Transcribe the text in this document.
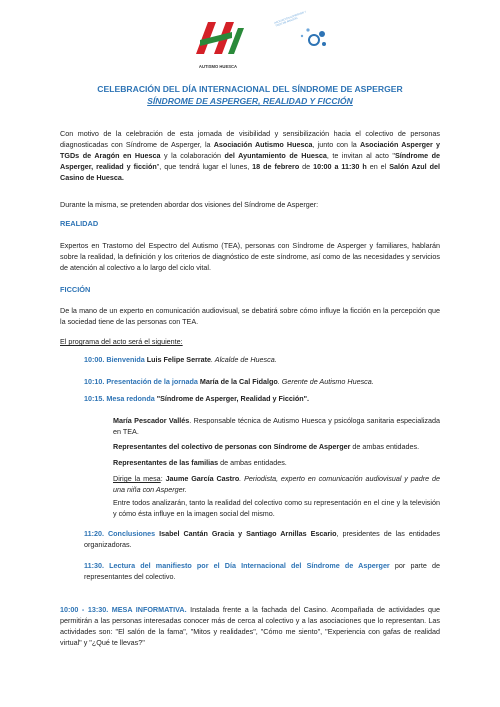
AUTISMO HUESCA
ASOCIACIÓN ASPERGER Y TGDS DE ARAGÓN
CELEBRACIÓN DEL DÍA INTERNACIONAL DEL SÍNDROME DE ASPERGER
SÍNDROME DE ASPERGER, REALIDAD Y FICCIÓN
Con motivo de la celebración de esta jornada de visibilidad y sensibilización hacia el colectivo de personas diagnosticadas con Síndrome de Asperger, la Asociación Autismo Huesca, junto con la Asociación Asperger y TGDs de Aragón en Huesca y la colaboración del Ayuntamiento de Huesca, te invitan al acto "Síndrome de Asperger, realidad y ficción", que tendrá lugar el lunes, 18 de febrero de 10:00 a 11:30 h en el Salón Azul del Casino de Huesca.
Durante la misma, se pretenden abordar dos visiones del Síndrome de Asperger:
REALIDAD
Expertos en Trastorno del Espectro del Autismo (TEA), personas con Síndrome de Asperger y familiares, hablarán sobre la realidad, la definición y los criterios de diagnóstico de este síndrome, así como de las necesidades y servicios de atención al colectivo a lo largo del ciclo vital.
FICCIÓN
De la mano de un experto en comunicación audiovisual, se debatirá sobre cómo influye la ficción en la percepción que la sociedad tiene de las personas con TEA.
El programa del acto será el siguiente:
10:00. Bienvenida Luis Felipe Serrate. Alcalde de Huesca.
10:10. Presentación de la jornada María de la Cal Fidalgo. Gerente de Autismo Huesca.
10:15. Mesa redonda "Síndrome de Asperger, Realidad y Ficción".
María Pescador Vallés. Responsable técnica de Autismo Huesca y psicóloga sanitaria especializada en TEA.
Representantes del colectivo de personas con Síndrome de Asperger de ambas entidades.
Representantes de las familias de ambas entidades.
Dirige la mesa: Jaume García Castro. Periodista, experto en comunicación audiovisual y padre de una niña con Asperger.
Entre todos analizarán, tanto la realidad del colectivo como su representación en el cine y la televisión y cómo ésta influye en la imagen social del mismo.
11:20. Conclusiones Isabel Cantán Gracia y Santiago Arnillas Escario, presidentes de las entidades organizadoras.
11:30. Lectura del manifiesto por el Día Internacional del Síndrome de Asperger por parte de representantes del colectivo.
10:00 - 13:30. MESA INFORMATIVA. Instalada frente a la fachada del Casino. Acompañada de actividades que permitirán a las personas interesadas conocer más de cerca al colectivo y a las asociaciones que lo representan. Las actividades son: "El salón de la fama", "Mitos y realidades", "Cómo me siento", "Experiencia con gafas de realidad virtual" y "¿Qué te llevas?"
